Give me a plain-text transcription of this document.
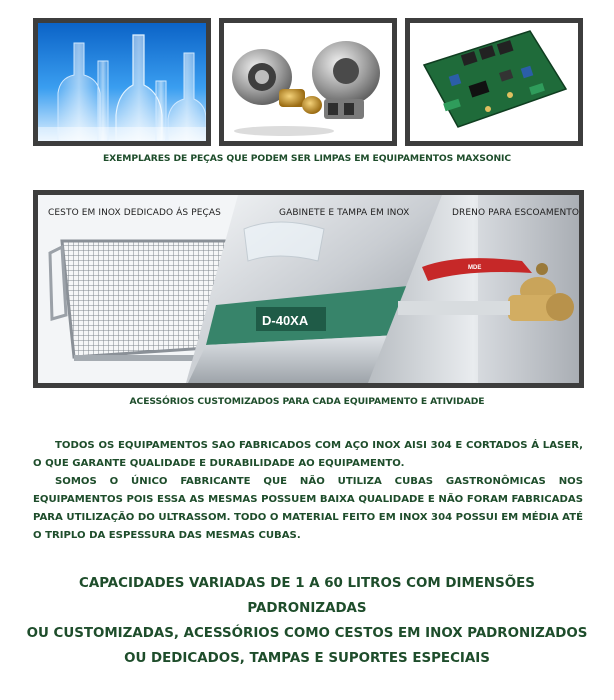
EXEMPLARES DE PEÇAS QUE PODEM SER LIMPAS EM EQUIPAMENTOS MAXSONIC
D-40XA
MDE
CESTO EM INOX DEDICADO ÁS PEÇAS	GABINETE E TAMPA EM INOX	DRENO PARA ESCOAMENTO
ACESSÓRIOS CUSTOMIZADOS PARA CADA EQUIPAMENTO E ATIVIDADE
TODOS OS EQUIPAMENTOS SAO FABRICADOS COM AÇO INOX AISI 304 E CORTADOS Á LASER, O QUE GARANTE QUALIDADE E DURABILIDADE AO EQUIPAMENTO.
SOMOS O ÚNICO FABRICANTE QUE NÃO UTILIZA CUBAS GASTRONÔMICAS NOS EQUIPAMENTOS POIS ESSA AS MESMAS POSSUEM BAIXA QUALIDADE E NÃO FORAM FABRICADAS PARA UTILIZAÇÃO DO ULTRASSOM. TODO O MATERIAL FEITO EM INOX 304 POSSUI EM MÉDIA ATÉ O TRIPLO DA ESPESSURA DAS MESMAS CUBAS.
CAPACIDADES VARIADAS DE 1 A 60 LITROS COM DIMENSÕES PADRONIZADAS
OU CUSTOMIZADAS, ACESSÓRIOS COMO CESTOS EM INOX PADRONIZADOS
OU DEDICADOS, TAMPAS E SUPORTES ESPECIAIS
